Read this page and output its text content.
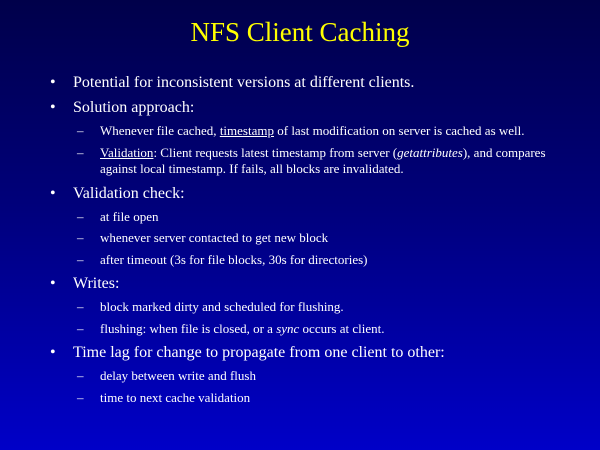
NFS Client Caching
• Potential for inconsistent versions at different clients.
• Solution approach:
– Whenever file cached, timestamp of last modification on server is cached as well.
– Validation: Client requests latest timestamp from server (getattributes), and compares against local timestamp. If fails, all blocks are invalidated.
• Validation check:
– at file open
– whenever server contacted to get new block
– after timeout (3s for file blocks, 30s for directories)
• Writes:
– block marked dirty and scheduled for flushing.
– flushing: when file is closed, or a sync occurs at client.
• Time lag for change to propagate from one client to other:
– delay between write and flush
– time to next cache validation
